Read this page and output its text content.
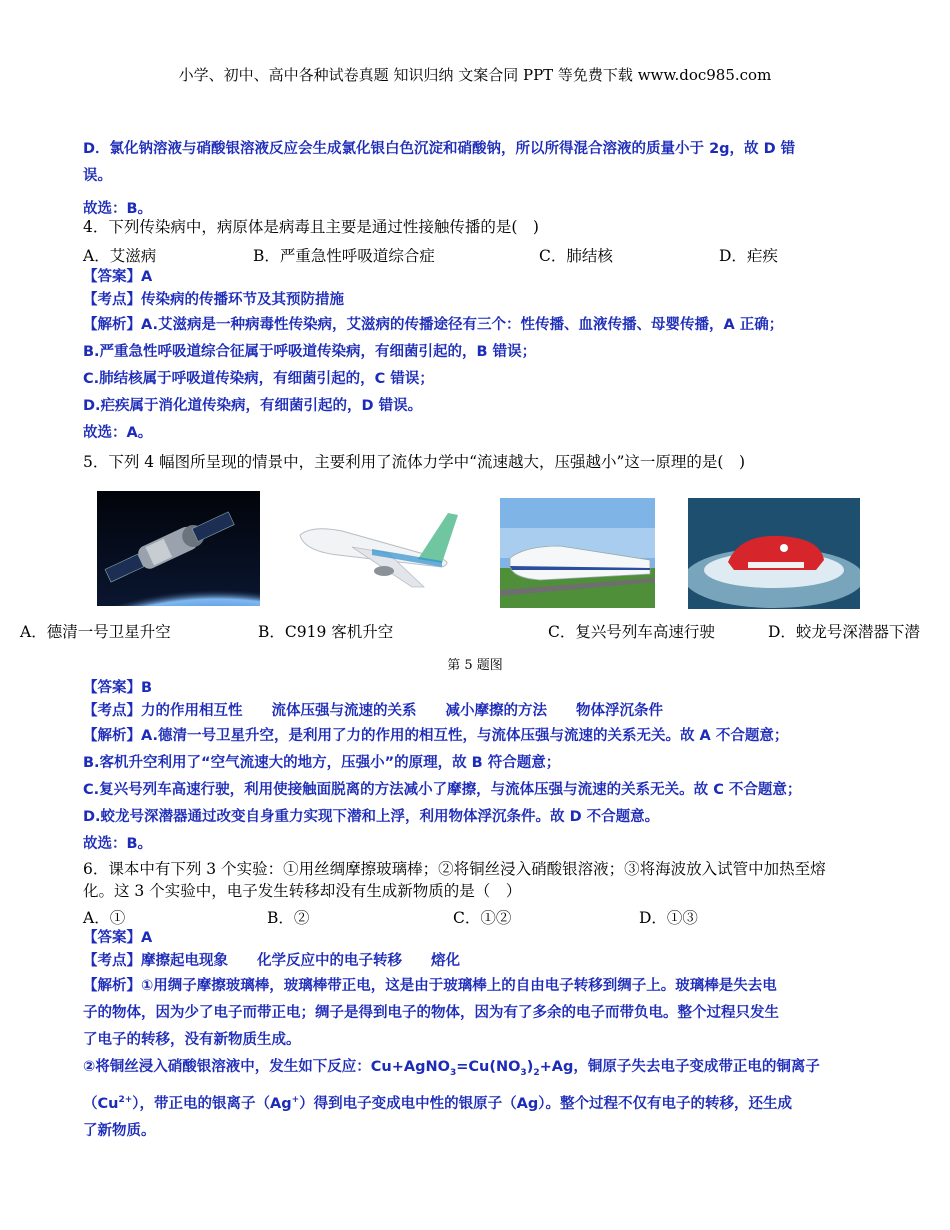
小学、初中、高中各种试卷真题 知识归纳 文案合同 PPT 等免费下载 www.doc985.com
D．氯化钠溶液与硝酸银溶液反应会生成氯化银白色沉淀和硝酸钠，所以所得混合溶液的质量小于 2g，故 D 错
误。
故选：B。
4．下列传染病中，病原体是病毒且主要是通过性接触传播的是(　)
A．艾滋病	B．严重急性呼吸道综合症	C．肺结核	D．疟疾
【答案】A
【考点】传染病的传播环节及其预防措施
【解析】A.艾滋病是一种病毒性传染病，艾滋病的传播途径有三个：性传播、血液传播、母婴传播，A 正确；
B.严重急性呼吸道综合征属于呼吸道传染病，有细菌引起的，B 错误；
C.肺结核属于呼吸道传染病，有细菌引起的，C 错误；
D.疟疾属于消化道传染病，有细菌引起的，D 错误。
故选：A。
5．下列 4 幅图所呈现的情景中，主要利用了流体力学中“流速越大，压强越小”这一原理的是(　)
A．德清一号卫星升空	B．C919 客机升空	C．复兴号列车高速行驶	D．蛟龙号深潜器下潜
第 5 题图
【答案】B
【考点】力的作用相互性　　流体压强与流速的关系　　减小摩擦的方法　　物体浮沉条件
【解析】A.德清一号卫星升空，是利用了力的作用的相互性，与流体压强与流速的关系无关。故 A 不合题意；
B.客机升空利用了“空气流速大的地方，压强小”的原理，故 B 符合题意；
C.复兴号列车高速行驶，利用使接触面脱离的方法减小了摩擦，与流体压强与流速的关系无关。故 C 不合题意；
D.蛟龙号深潜器通过改变自身重力实现下潜和上浮，利用物体浮沉条件。故 D 不合题意。
故选：B。
6．课本中有下列 3 个实验：①用丝绸摩擦玻璃棒；②将铜丝浸入硝酸银溶液；③将海波放入试管中加热至熔
化。这 3 个实验中，电子发生转移却没有生成新物质的是（　）
A．①	B．②	C．①②	D．①③
【答案】A
【考点】摩擦起电现象　　化学反应中的电子转移　　熔化
【解析】①用绸子摩擦玻璃棒，玻璃棒带正电，这是由于玻璃棒上的自由电子转移到绸子上。玻璃棒是失去电
子的物体，因为少了电子而带正电；绸子是得到电子的物体，因为有了多余的电子而带负电。整个过程只发生
了电子的转移，没有新物质生成。
②将铜丝浸入硝酸银溶液中，发生如下反应：$Cu+AgNO_3=Cu(NO_3)_2+Ag$，铜原子失去电子变成带正电的铜离子
$(Cu^{2+})$，带正电的银离子（Ag+）得到电子变成电中性的银原子（Ag）。整个过程不仅有电子的转移，还生成
了新物质。
